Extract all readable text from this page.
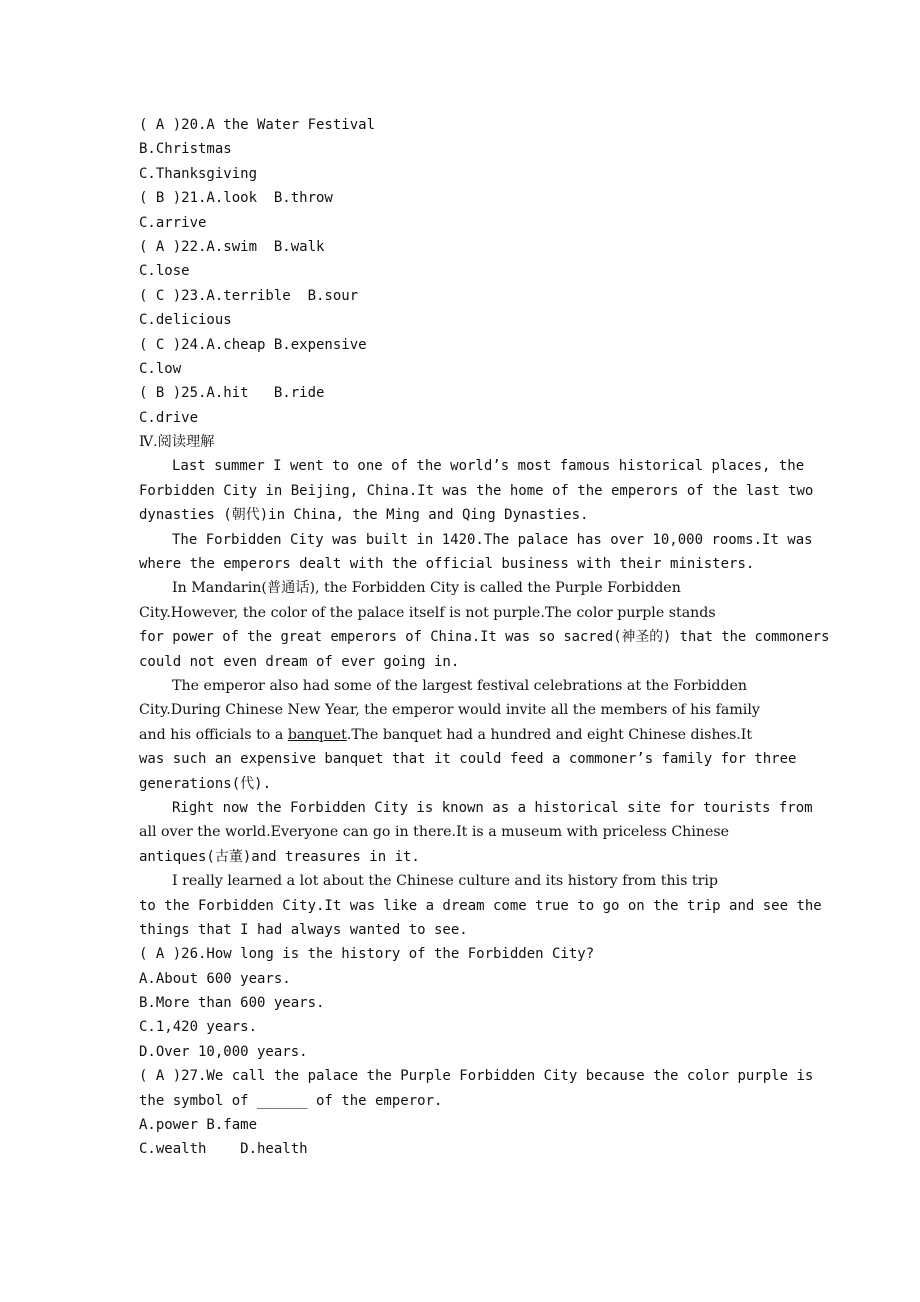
( A )20.A the Water Festival
B.Christmas
C.Thanksgiving
( B )21.A.look  B.throw
C.arrive
( A )22.A.swim  B.walk
C.lose
( C )23.A.terrible  B.sour
C.delicious
( C )24.A.cheap B.expensive
C.low
( B )25.A.hit   B.ride
C.drive
Ⅳ.阅读理解
Last summer I went to one of the world’s most famous historical places, the
Forbidden City in Beijing, China.It was the home of the emperors of the last two
dynasties (朝代)in China, the Ming and Qing Dynasties.
The Forbidden City was built in 1420.The palace has over 10,000 rooms.It was
where the emperors dealt with the official business with their ministers.
In Mandarin(普通话), the Forbidden City is called the Purple Forbidden
City.However, the color of the palace itself is not purple.The color purple stands
for power of the great emperors of China.It was so sacred(神圣的) that the commoners
could not even dream of ever going in.
The emperor also had some of the largest festival celebrations at the Forbidden
City.During Chinese New Year, the emperor would invite all the members of his family
and his officials to a banquet.The banquet had a hundred and eight Chinese dishes.It
was such an expensive banquet that it could feed a commoner’s family for three
generations(代).
Right now the Forbidden City is known as a historical site for tourists from
all over the world.Everyone can go in there.It is a museum with priceless Chinese
antiques(古董)and treasures in it.
I really learned a lot about the Chinese culture and its history from this trip
to the Forbidden City.It was like a dream come true to go on the trip and see the
things that I had always wanted to see.
( A )26.How long is the history of the Forbidden City?
A.About 600 years.
B.More than 600 years.
C.1,420 years.
D.Over 10,000 years.
( A )27.We call the palace the Purple Forbidden City because the color purple is
the symbol of ______ of the emperor.
A.power B.fame
C.wealth    D.health
